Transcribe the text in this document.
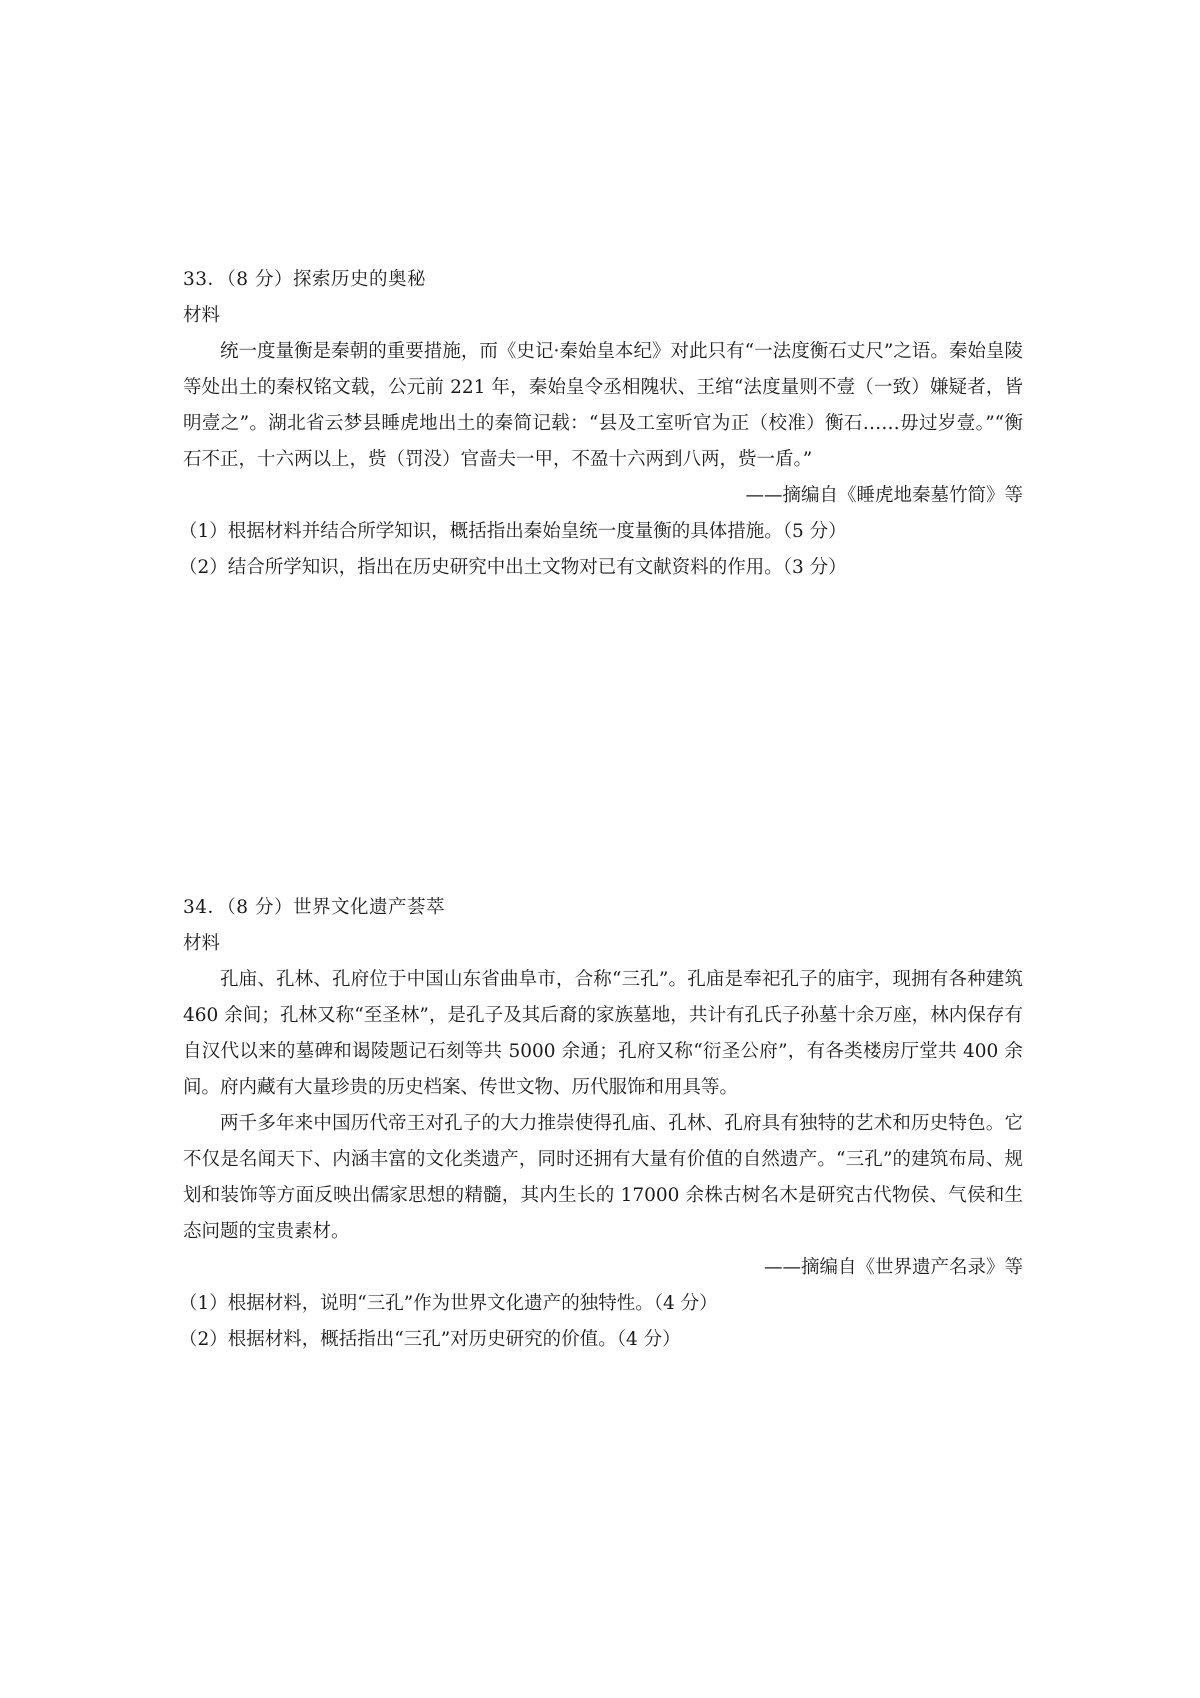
33．（8 分）探索历史的奥秘
材料

统一度量衡是秦朝的重要措施，而《史记·秦始皇本纪》对此只有“一法度衡石丈尺”之语。秦始皇陵等处出土的秦权铭文载，公元前 221 年，秦始皇令丞相隗状、王绾“法度量则不壹（一致）嫌疑者，皆明壹之”。湖北省云梦县睡虎地出土的秦简记载：“县及工室听官为正（校准）衡石……毋过岁壹。”“衡石不正，十六两以上，赀（罚没）官啬夫一甲，不盈十六两到八两，赀一盾。”

——摘编自《睡虎地秦墓竹简》等
（1）根据材料并结合所学知识，概括指出秦始皇统一度量衡的具体措施。（5 分）
（2）结合所学知识，指出在历史研究中出土文物对已有文献资料的作用。（3 分）
34．（8 分）世界文化遗产荟萃
材料

孔庙、孔林、孔府位于中国山东省曲阜市，合称“三孔”。孔庙是奉祀孔子的庙宇，现拥有各种建筑 460 余间；孔林又称“至圣林”，是孔子及其后裔的家族墓地，共计有孔氏子孙墓十余万座，林内保存有自汉代以来的墓碑和谒陵题记石刻等共 5000 余通；孔府又称“衍圣公府”，有各类楼房厅堂共 400 余间。府内藏有大量珍贵的历史档案、传世文物、历代服饰和用具等。

两千多年来中国历代帝王对孔子的大力推崇使得孔庙、孔林、孔府具有独特的艺术和历史特色。它不仅是名闻天下、内涵丰富的文化类遗产，同时还拥有大量有价值的自然遗产。“三孔”的建筑布局、规划和装饰等方面反映出儒家思想的精髓，其内生长的 17000 余株古树名木是研究古代物侯、气侯和生态问题的宝贵素材。

——摘编自《世界遗产名录》等
（1）根据材料，说明“三孔”作为世界文化遗产的独特性。（4 分）
（2）根据材料，概括指出“三孔”对历史研究的价值。（4 分）
